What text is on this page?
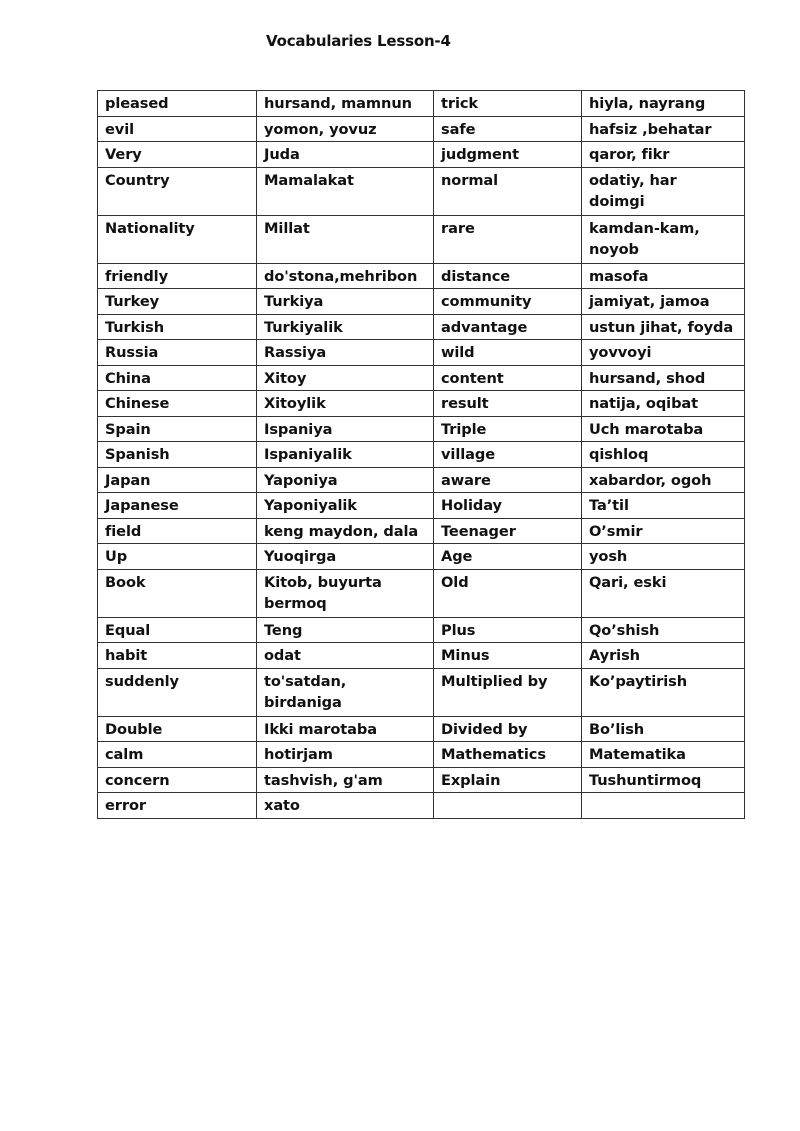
Vocabularies Lesson-4
pleased	hursand, mamnun	trick	hiyla, nayrang
evil	yomon, yovuz	safe	hafsiz ,behatar
Very	Juda	judgment	qaror, fikr
Country	Mamalakat	normal	odatiy, har doimgi
Nationality	Millat	rare	kamdan-kam, noyob
friendly	do'stona,mehribon	distance	masofa
Turkey	Turkiya	community	jamiyat, jamoa
Turkish	Turkiyalik	advantage	ustun jihat, foyda
Russia	Rassiya	wild	yovvoyi
China	Xitoy	content	hursand, shod
Chinese	Xitoylik	result	natija, oqibat
Spain	Ispaniya	Triple	Uch marotaba
Spanish	Ispaniyalik	village	qishloq
Japan	Yaponiya	aware	xabardor, ogoh
Japanese	Yaponiyalik	Holiday	Ta’til
field	keng maydon, dala	Teenager	O’smir
Up	Yuoqirga	Age	yosh
Book	Kitob, buyurta bermoq	Old	Qari, eski
Equal	Teng	Plus	Qo’shish
habit	odat	Minus	Ayrish
suddenly	to'satdan, birdaniga	Multiplied by	Ko’paytirish
Double	Ikki marotaba	Divided by	Bo’lish
calm	hotirjam	Mathematics	Matematika
concern	tashvish, g'am	Explain	Tushuntirmoq
error	xato		
